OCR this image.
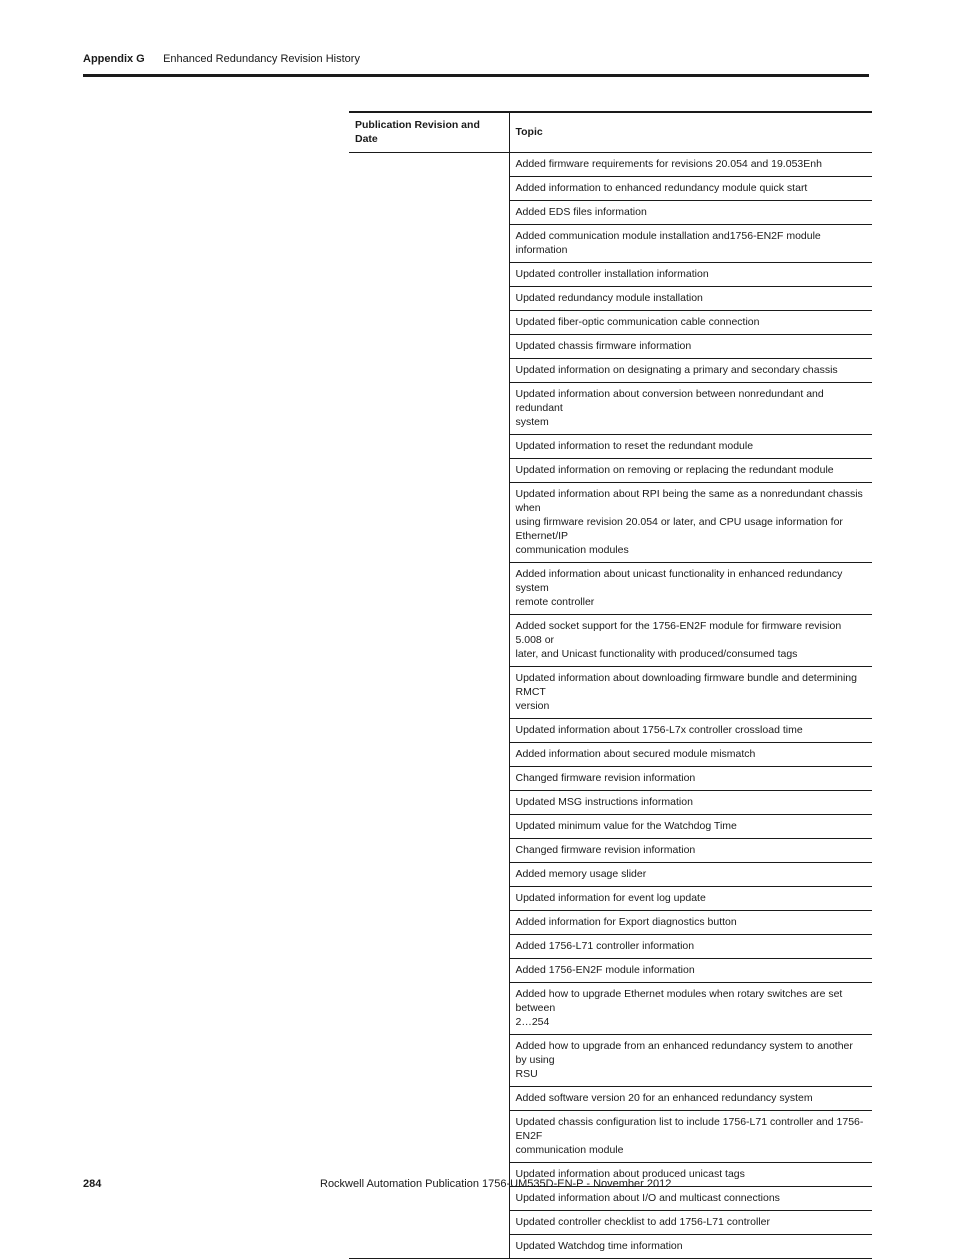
Appendix G Enhanced Redundancy Revision History
Publication Revision and Date	Topic
	Added firmware requirements for revisions 20.054 and 19.053Enh
	Added information to enhanced redundancy module quick start
	Added EDS files information
	Added communication module installation and1756-EN2F module information
	Updated controller installation information
	Updated redundancy module installation
	Updated fiber-optic communication cable connection
	Updated chassis firmware information
	Updated information on designating a primary and secondary chassis
	Updated information about conversion between nonredundant and redundant
system
	Updated information to reset the redundant module
	Updated information on removing or replacing the redundant module
	Updated information about RPI being the same as a nonredundant chassis when
using firmware revision 20.054 or later, and CPU usage information for Ethernet/IP
communication modules
	Added information about unicast functionality in enhanced redundancy system
remote controller
	Added socket support for the 1756-EN2F module for firmware revision 5.008 or
later, and Unicast functionality with produced/consumed tags
	Updated information about downloading firmware bundle and determining RMCT
version
	Updated information about 1756-L7x controller crossload time
	Added information about secured module mismatch
	Changed firmware revision information
	Updated MSG instructions information
	Updated minimum value for the Watchdog Time
	Changed firmware revision information
	Added memory usage slider
	Updated information for event log update
	Added information for Export diagnostics button
	Added 1756-L71 controller information
	Added 1756-EN2F module information
	Added how to upgrade Ethernet modules when rotary switches are set between
2…254
	Added how to upgrade from an enhanced redundancy system to another by using
RSU
	Added software version 20 for an enhanced redundancy system
	Updated chassis configuration list to include 1756-L71 controller and 1756-EN2F
communication module
	Updated information about produced unicast tags
	Updated information about I/O and multicast connections
	Updated controller checklist to add 1756-L71 controller
	Updated Watchdog time information
284	Rockwell Automation Publication 1756-UM535D-EN-P - November 2012
